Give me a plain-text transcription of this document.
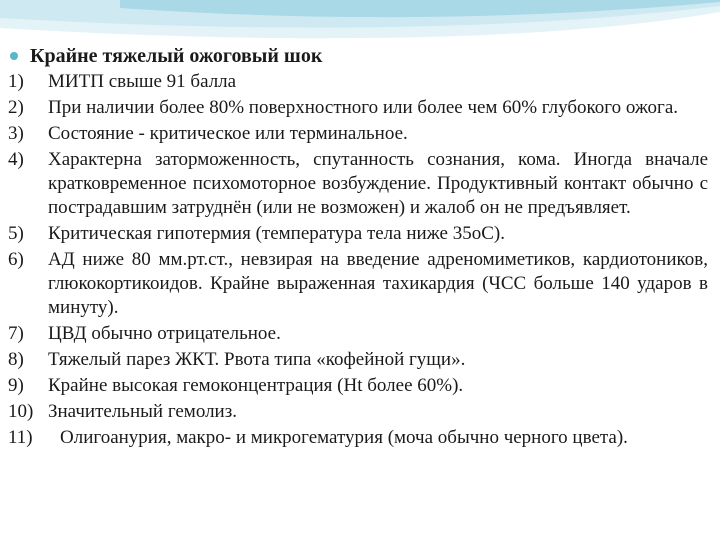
Крайне тяжелый ожоговый шок
1)	МИТП свыше 91 балла
2)	При наличии более 80% поверхностного или более чем 60% глубокого ожога.
3)	Состояние - критическое или терминальное.
4)	Характерна заторможенность, спутанность сознания, кома. Иногда вначале кратковременное психомоторное возбуждение. Продуктивный контакт обычно с пострадавшим затруднён (или не возможен) и жалоб он не предъявляет.
5)	Критическая гипотермия (температура тела ниже 35оС).
6)	АД ниже 80 мм.рт.ст., невзирая на введение адреномиметиков, кардиотоников, глюкокортикоидов. Крайне выраженная тахикардия (ЧСС больше 140 ударов в минуту).
7)	ЦВД обычно отрицательное.
8)	Тяжелый парез ЖКТ. Рвота типа «кофейной гущи».
9)	Крайне высокая гемоконцентрация (Ht более 60%).
10) Значительный гемолиз.
11)	Олигоанурия, макро- и микрогематурия (моча обычно черного цвета).
